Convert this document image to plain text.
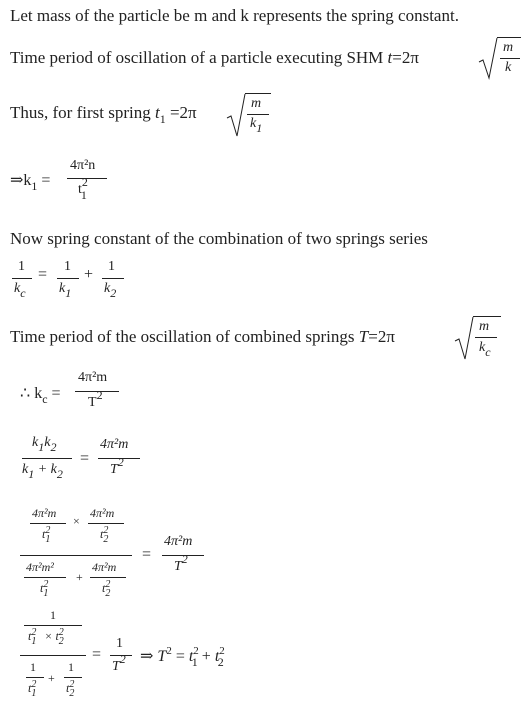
Let mass of the particle be m and k represents the spring constant.
Time period of oscillation of a particle executing SHM t=2π
m
k
Thus, for first spring $t_1 =2\pi$	m
k1
$\Rightarrow k_1$ =
4π²n
t21
Now spring constant of the combination of two springs series
1
kc
= 1
k1
+ 1
k2
Time period of the oscillation of combined springs T=2π
m
kc
∴ $k_c$ =
4π²m
T2
k1k2
k1 + k2
=
4π²m
T2
4π²m
$t^2_1$
×
4π²m
$t^2_2$
4π²m²
$t^2_1$
+
4π²m
$t^2_2$
=
4π²m
T2
1
$t^2_1 \times t^2_2$
1
$t^2_1$
+
1
$t^2_2$
=
1
T2 ⇒ $T^2 = t^2_1 + t^2_2$
